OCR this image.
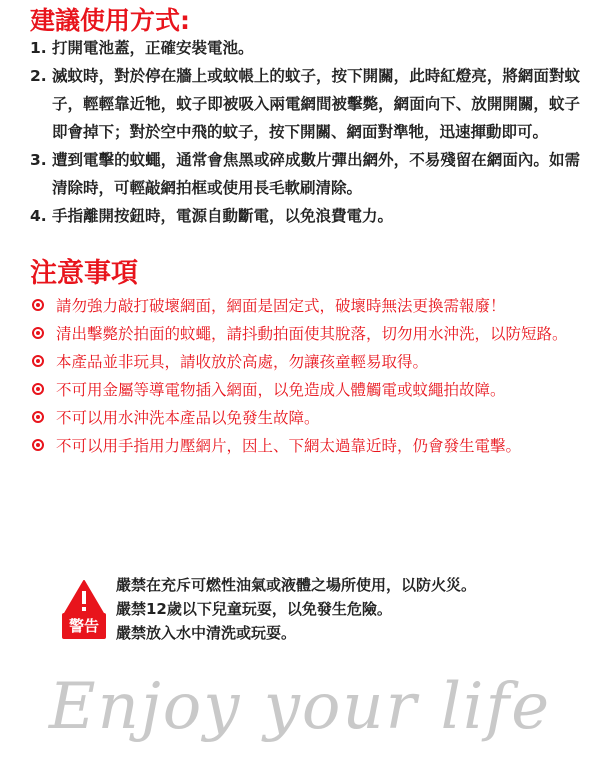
建議使用方式:
1. 打開電池蓋，正確安裝電池。
2. 滅蚊時，對於停在牆上或蚊帳上的蚊子，按下開關，此時紅燈亮，將網面對蚊子，輕輕靠近牠，蚊子即被吸入兩電網間被擊斃，網面向下、放開開關，蚊子即會掉下；對於空中飛的蚊子，按下開關、網面對準牠，迅速揮動即可。
3. 遭到電擊的蚊蠅，通常會焦黑或碎成數片彈出網外，不易殘留在網面內。如需清除時，可輕敲網拍框或使用長毛軟刷清除。
4. 手指離開按鈕時，電源自動斷電，以免浪費電力。
注意事項
請勿強力敲打破壞網面，網面是固定式，破壞時無法更換需報廢！
清出擊斃於拍面的蚊蠅，請抖動拍面使其脫落，切勿用水沖洗，以防短路。
本產品並非玩具，請收放於高處，勿讓孩童輕易取得。
不可用金屬等導電物插入網面，以免造成人體觸電或蚊繩拍故障。
不可以用水沖洗本產品以免發生故障。
不可以用手指用力壓網片，因上、下網太過靠近時，仍會發生電擊。
警告
嚴禁在充斥可燃性油氣或液體之場所使用，以防火災。
嚴禁12歲以下兒童玩耍，以免發生危險。
嚴禁放入水中清洗或玩耍。
Enjoy your life
